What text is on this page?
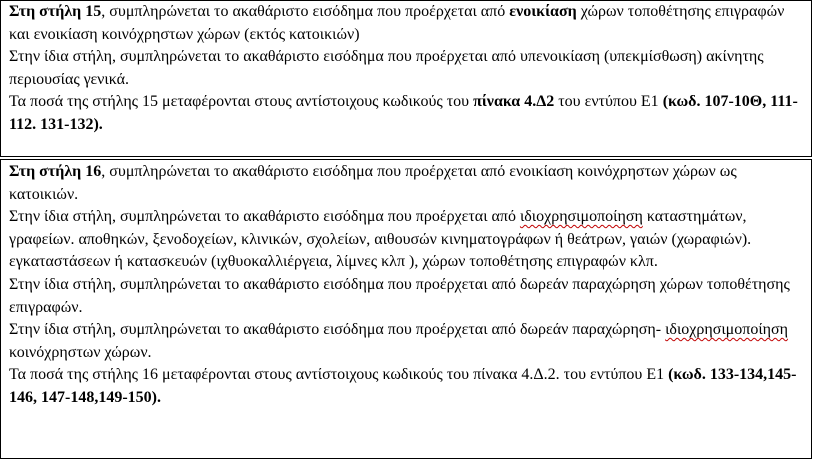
Στη στήλη 15, συμπληρώνεται το ακαθάριστο εισόδημα που προέρχεται από ενοικίαση χώρων τοποθέτησης επιγραφών και ενοικίαση κοινόχρηστων χώρων (εκτός κατοικιών)

Στην ίδια στήλη, συμπληρώνεται το ακαθάριστο εισόδημα που προέρχεται από υπενοικίαση (υπεκμίσθωση) ακίνητης περιουσίας γενικά.

Τα ποσά της στήλης 15 μεταφέρονται στους αντίστοιχους κωδικούς του πίνακα 4.Δ2 του εντύπου Ε1 (κωδ. 107-10Θ, 111-112. 131-132).

Στη στήλη 16, συμπληρώνεται το ακαθάριστο εισόδημα που προέρχεται από ενοικίαση κοινόχρηστων χώρων ως κατοικιών.

Στην ίδια στήλη, συμπληρώνεται το ακαθάριστο εισόδημα που προέρχεται από ιδιοχρησιμοποίηση καταστημάτων, γραφείων. αποθηκών, ξενοδοχείων, κλινικών, σχολείων, αιθουσών κινηματογράφων ή θεάτρων, γαιών (χωραφιών). εγκαταστάσεων ή κατασκευών (ιχθυοκαλλιέργεια, λίμνες κλπ ), χώρων τοποθέτησης επιγραφών κλπ.

Στην ίδια στήλη, συμπληρώνεται το ακαθάριστο εισόδημα που προέρχεται από δωρεάν παραχώρηση χώρων τοποθέτησης επιγραφών.

Στην ίδια στήλη, συμπληρώνεται το ακαθάριστο εισόδημα που προέρχεται από δωρεάν παραχώρηση- ιδιοχρησιμοποίηση κοινόχρηστων χώρων.

Τα ποσά της στήλης 16 μεταφέρονται στους αντίστοιχους κωδικούς του πίνακα 4.Δ.2. του εντύπου Ε1 (κωδ. 133-134,145-146, 147-148,149-150).
